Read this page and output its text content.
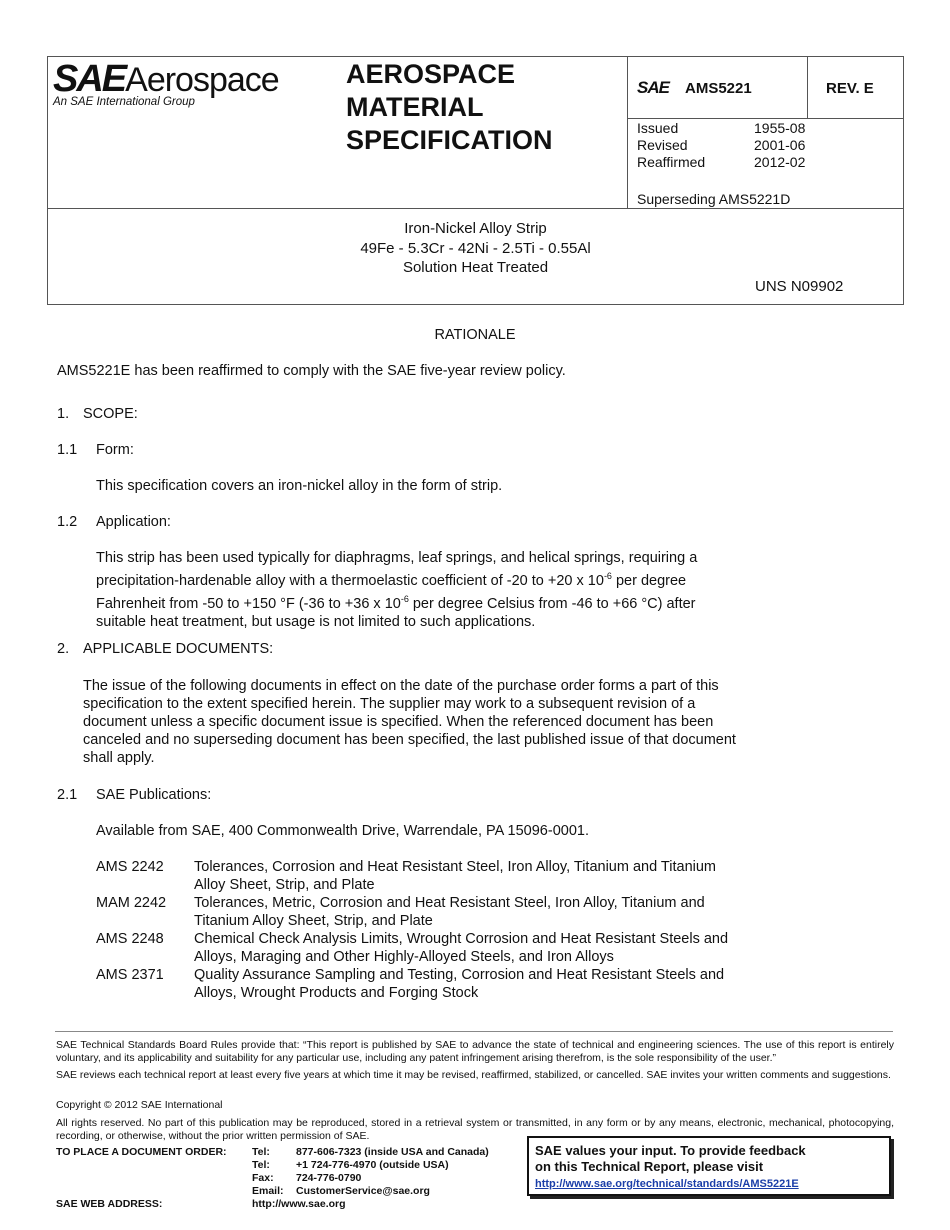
SAEAerospace
An SAE International Group
AEROSPACE
MATERIAL
SPECIFICATION
SAE AMS5221	REV. E
Issued	1955-08
Revised	2001-06
Reaffirmed	2012-02
Superseding AMS5221D
Iron-Nickel Alloy Strip
49Fe - 5.3Cr - 42Ni - 2.5Ti - 0.55Al
Solution Heat Treated
UNS N09902
RATIONALE
AMS5221E has been reaffirmed to comply with the SAE five-year review policy.
1. SCOPE:
1.1 Form:
This specification covers an iron-nickel alloy in the form of strip.
1.2 Application:
This strip has been used typically for diaphragms, leaf springs, and helical springs, requiring a
precipitation-hardenable alloy with a thermoelastic coefficient of -20 to +20 x $10^{-6}$ per degree
Fahrenheit from -50 to +150 °F (-36 to +36 x $10^{-6}$ per degree Celsius from -46 to +66 °C) after
suitable heat treatment, but usage is not limited to such applications.
2. APPLICABLE DOCUMENTS:
The issue of the following documents in effect on the date of the purchase order forms a part of this
specification to the extent specified herein. The supplier may work to a subsequent revision of a
document unless a specific document issue is specified. When the referenced document has been
canceled and no superseding document has been specified, the last published issue of that document
shall apply.
2.1 SAE Publications:
Available from SAE, 400 Commonwealth Drive, Warrendale, PA 15096-0001.
AMS 2242	Tolerances, Corrosion and Heat Resistant Steel, Iron Alloy, Titanium and Titanium
Alloy Sheet, Strip, and Plate
MAM 2242	Tolerances, Metric, Corrosion and Heat Resistant Steel, Iron Alloy, Titanium and
Titanium Alloy Sheet, Strip, and Plate
AMS 2248	Chemical Check Analysis Limits, Wrought Corrosion and Heat Resistant Steels and
Alloys, Maraging and Other Highly-Alloyed Steels, and Iron Alloys
AMS 2371	Quality Assurance Sampling and Testing, Corrosion and Heat Resistant Steels and
Alloys, Wrought Products and Forging Stock
SAE Technical Standards Board Rules provide that: “This report is published by SAE to advance the state of technical and engineering sciences. The use of this report is entirely voluntary, and its applicability and suitability for any particular use, including any patent infringement arising therefrom, is the sole responsibility of the user.”
SAE reviews each technical report at least every five years at which time it may be revised, reaffirmed, stabilized, or cancelled. SAE invites your written comments and suggestions.
Copyright © 2012 SAE International
All rights reserved. No part of this publication may be reproduced, stored in a retrieval system or transmitted, in any form or by any means, electronic, mechanical, photocopying, recording, or otherwise, without the prior written permission of SAE.
TO PLACE A DOCUMENT ORDER: Tel: 877-606-7323 (inside USA and Canada)
Tel: +1 724-776-4970 (outside USA)
Fax: 724-776-0790
Email: CustomerService@sae.org
SAE WEB ADDRESS:	http://www.sae.org
SAE values your input. To provide feedback
on this Technical Report, please visit
http://www.sae.org/technical/standards/AMS5221E
